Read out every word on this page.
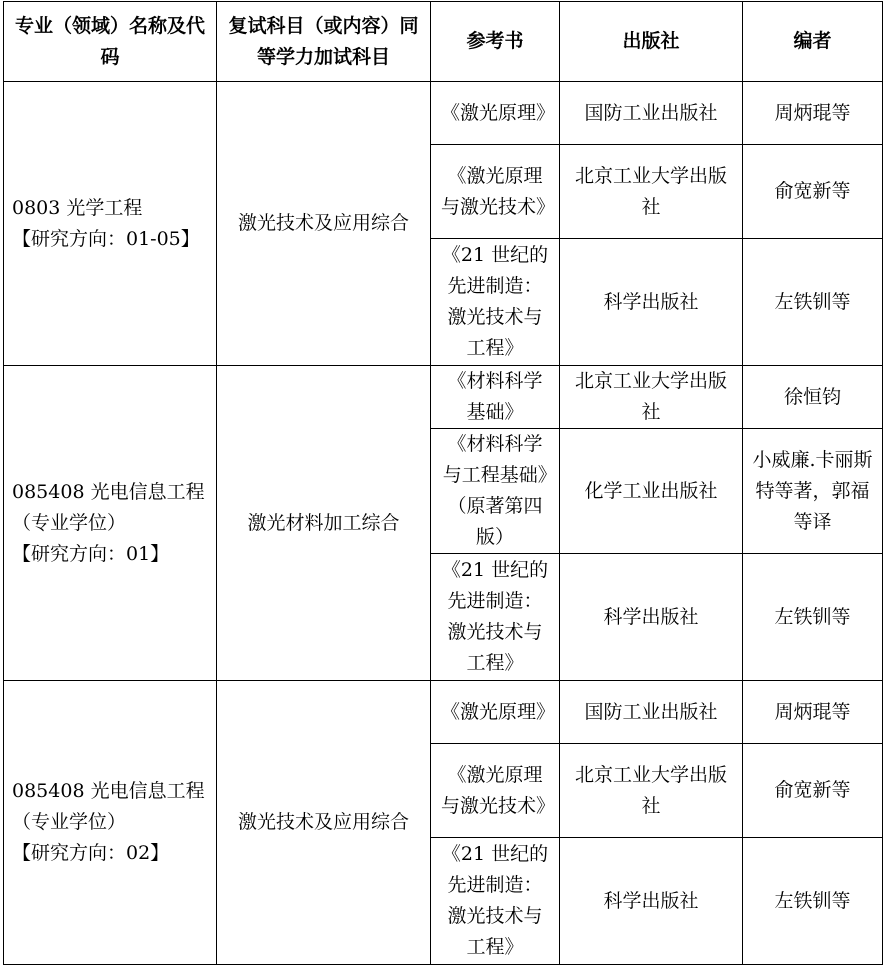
专业（领域）名称及代码	复试科目（或内容）同等学力加试科目	参考书	出版社	编者

0803 光学工程
【研究方向：01-05】	激光技术及应用综合	《激光原理》	国防工业出版社	周炳琨等
		《激光原理与激光技术》	北京工业大学出版社	俞宽新等
		《21 世纪的先进制造：激光技术与工程》	科学出版社	左铁钏等

085408 光电信息工程（专业学位）
【研究方向：01】	激光材料加工综合	《材料科学基础》	北京工业大学出版社	徐恒钧
		《材料科学与工程基础》（原著第四版）	化学工业出版社	小威廉.卡丽斯特等著，郭福等译
		《21 世纪的先进制造：激光技术与工程》	科学出版社	左铁钏等

085408 光电信息工程（专业学位）
【研究方向：02】	激光技术及应用综合	《激光原理》	国防工业出版社	周炳琨等
		《激光原理与激光技术》	北京工业大学出版社	俞宽新等
		《21 世纪的先进制造：激光技术与工程》	科学出版社	左铁钏等
